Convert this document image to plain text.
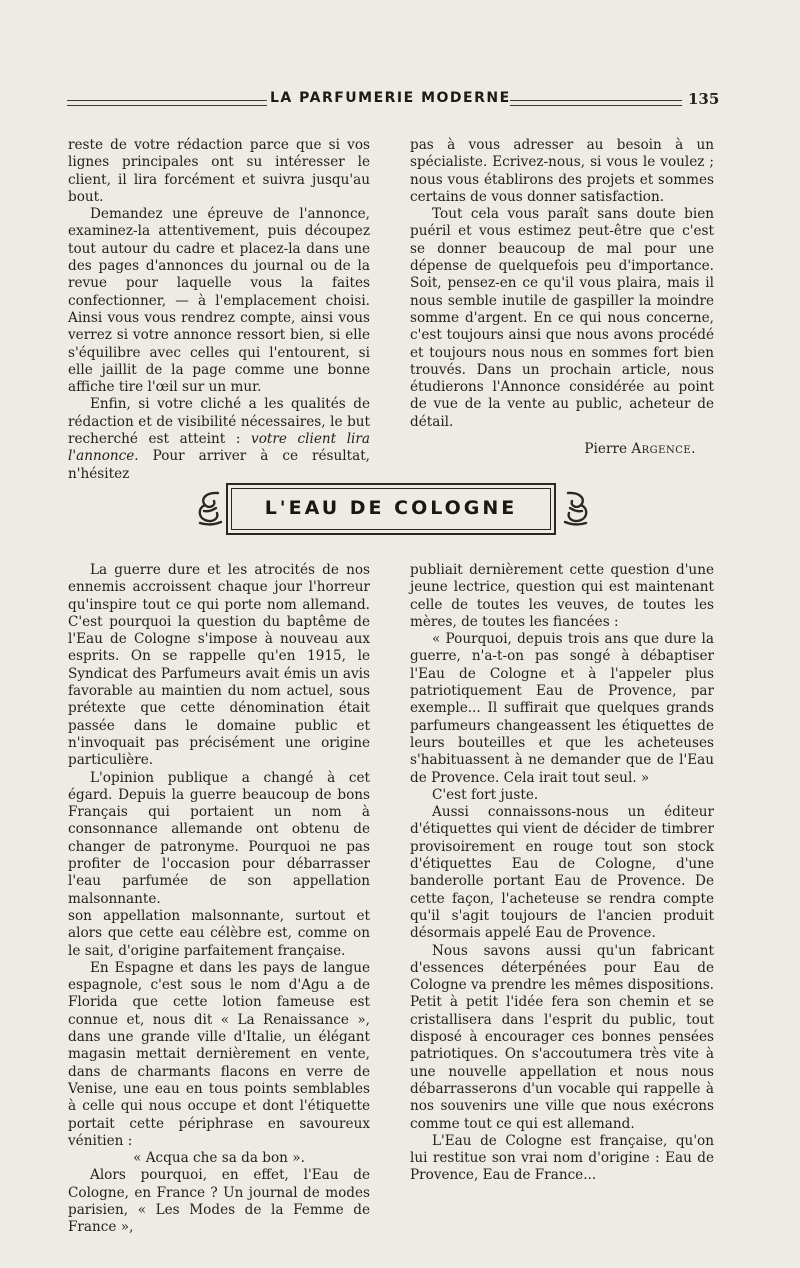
LA PARFUMERIE MODERNE	135

reste de votre rédaction parce que si vos lignes principales ont su intéresser le client, il lira forcément et suivra jusqu'au bout.

Demandez une épreuve de l'annonce, examinez-la attentivement, puis découpez tout autour du cadre et placez-la dans une des pages d'annonces du journal ou de la revue pour laquelle vous la faites confectionner, — à l'emplacement choisi. Ainsi vous vous rendrez compte, ainsi vous verrez si votre annonce ressort bien, si elle s'équilibre avec celles qui l'entourent, si elle jaillit de la page comme une bonne affiche tire l'œil sur un mur.

Enfin, si votre cliché a les qualités de rédaction et de visibilité nécessaires, le but recherché est atteint : votre client lira l'annonce. Pour arriver à ce résultat, n'hésitez

pas à vous adresser au besoin à un spécialiste. Ecrivez-nous, si vous le voulez ; nous vous établirons des projets et sommes certains de vous donner satisfaction.

Tout cela vous paraît sans doute bien puéril et vous estimez peut-être que c'est se donner beaucoup de mal pour une dépense de quelquefois peu d'importance. Soit, pensez-en ce qu'il vous plaira, mais il nous semble inutile de gaspiller la moindre somme d'argent. En ce qui nous concerne, c'est toujours ainsi que nous avons procédé et toujours nous nous en sommes fort bien trouvés. Dans un prochain article, nous étudierons l'Annonce considérée au point de vue de la vente au public, acheteur de détail.

Pierre Argence.

L'EAU DE COLOGNE

La guerre dure et les atrocités de nos ennemis accroissent chaque jour l'horreur qu'inspire tout ce qui porte nom allemand. C'est pourquoi la question du baptême de l'Eau de Cologne s'impose à nouveau aux esprits. On se rappelle qu'en 1915, le Syndicat des Parfumeurs avait émis un avis favorable au maintien du nom actuel, sous prétexte que cette dénomination était passée dans le domaine public et n'invoquait pas précisément une origine particulière.

L'opinion publique a changé à cet égard. Depuis la guerre beaucoup de bons Français qui portaient un nom à consonnance allemande ont obtenu de changer de patronyme. Pourquoi ne pas profiter de l'occasion pour débarrasser l'eau parfumée de son appellation malsonnante.

son appellation malsonnante, surtout et alors que cette eau célèbre est, comme on le sait, d'origine parfaitement française.

En Espagne et dans les pays de langue espagnole, c'est sous le nom d'Agu a de Florida que cette lotion fameuse est connue et, nous dit « La Renaissance », dans une grande ville d'Italie, un élégant magasin mettait dernièrement en vente, dans de charmants flacons en verre de Venise, une eau en tous points semblables à celle qui nous occupe et dont l'étiquette portait cette périphrase en savoureux vénitien :

« Acqua che sa da bon ».

Alors pourquoi, en effet, l'Eau de Cologne, en France ? Un journal de modes parisien, « Les Modes de la Femme de France »,

publiait dernièrement cette question d'une jeune lectrice, question qui est maintenant celle de toutes les veuves, de toutes les mères, de toutes les fiancées :

« Pourquoi, depuis trois ans que dure la guerre, n'a-t-on pas songé à débaptiser l'Eau de Cologne et à l'appeler plus patriotiquement Eau de Provence, par exemple... Il suffirait que quelques grands parfumeurs changeassent les étiquettes de leurs bouteilles et que les acheteuses s'habituassent à ne demander que de l'Eau de Provence. Cela irait tout seul. »

C'est fort juste.

Aussi connaissons-nous un éditeur d'étiquettes qui vient de décider de timbrer provisoirement en rouge tout son stock d'étiquettes Eau de Cologne, d'une banderolle portant Eau de Provence. De cette façon, l'acheteuse se rendra compte qu'il s'agit toujours de l'ancien produit désormais appelé Eau de Provence.

Nous savons aussi qu'un fabricant d'essences déterpénées pour Eau de Cologne va prendre les mêmes dispositions. Petit à petit l'idée fera son chemin et se cristallisera dans l'esprit du public, tout disposé à encourager ces bonnes pensées patriotiques. On s'accoutumera très vite à une nouvelle appellation et nous nous débarrasserons d'un vocable qui rappelle à nos souvenirs une ville que nous exécrons comme tout ce qui est allemand.

L'Eau de Cologne est française, qu'on lui restitue son vrai nom d'origine : Eau de Provence, Eau de France...
